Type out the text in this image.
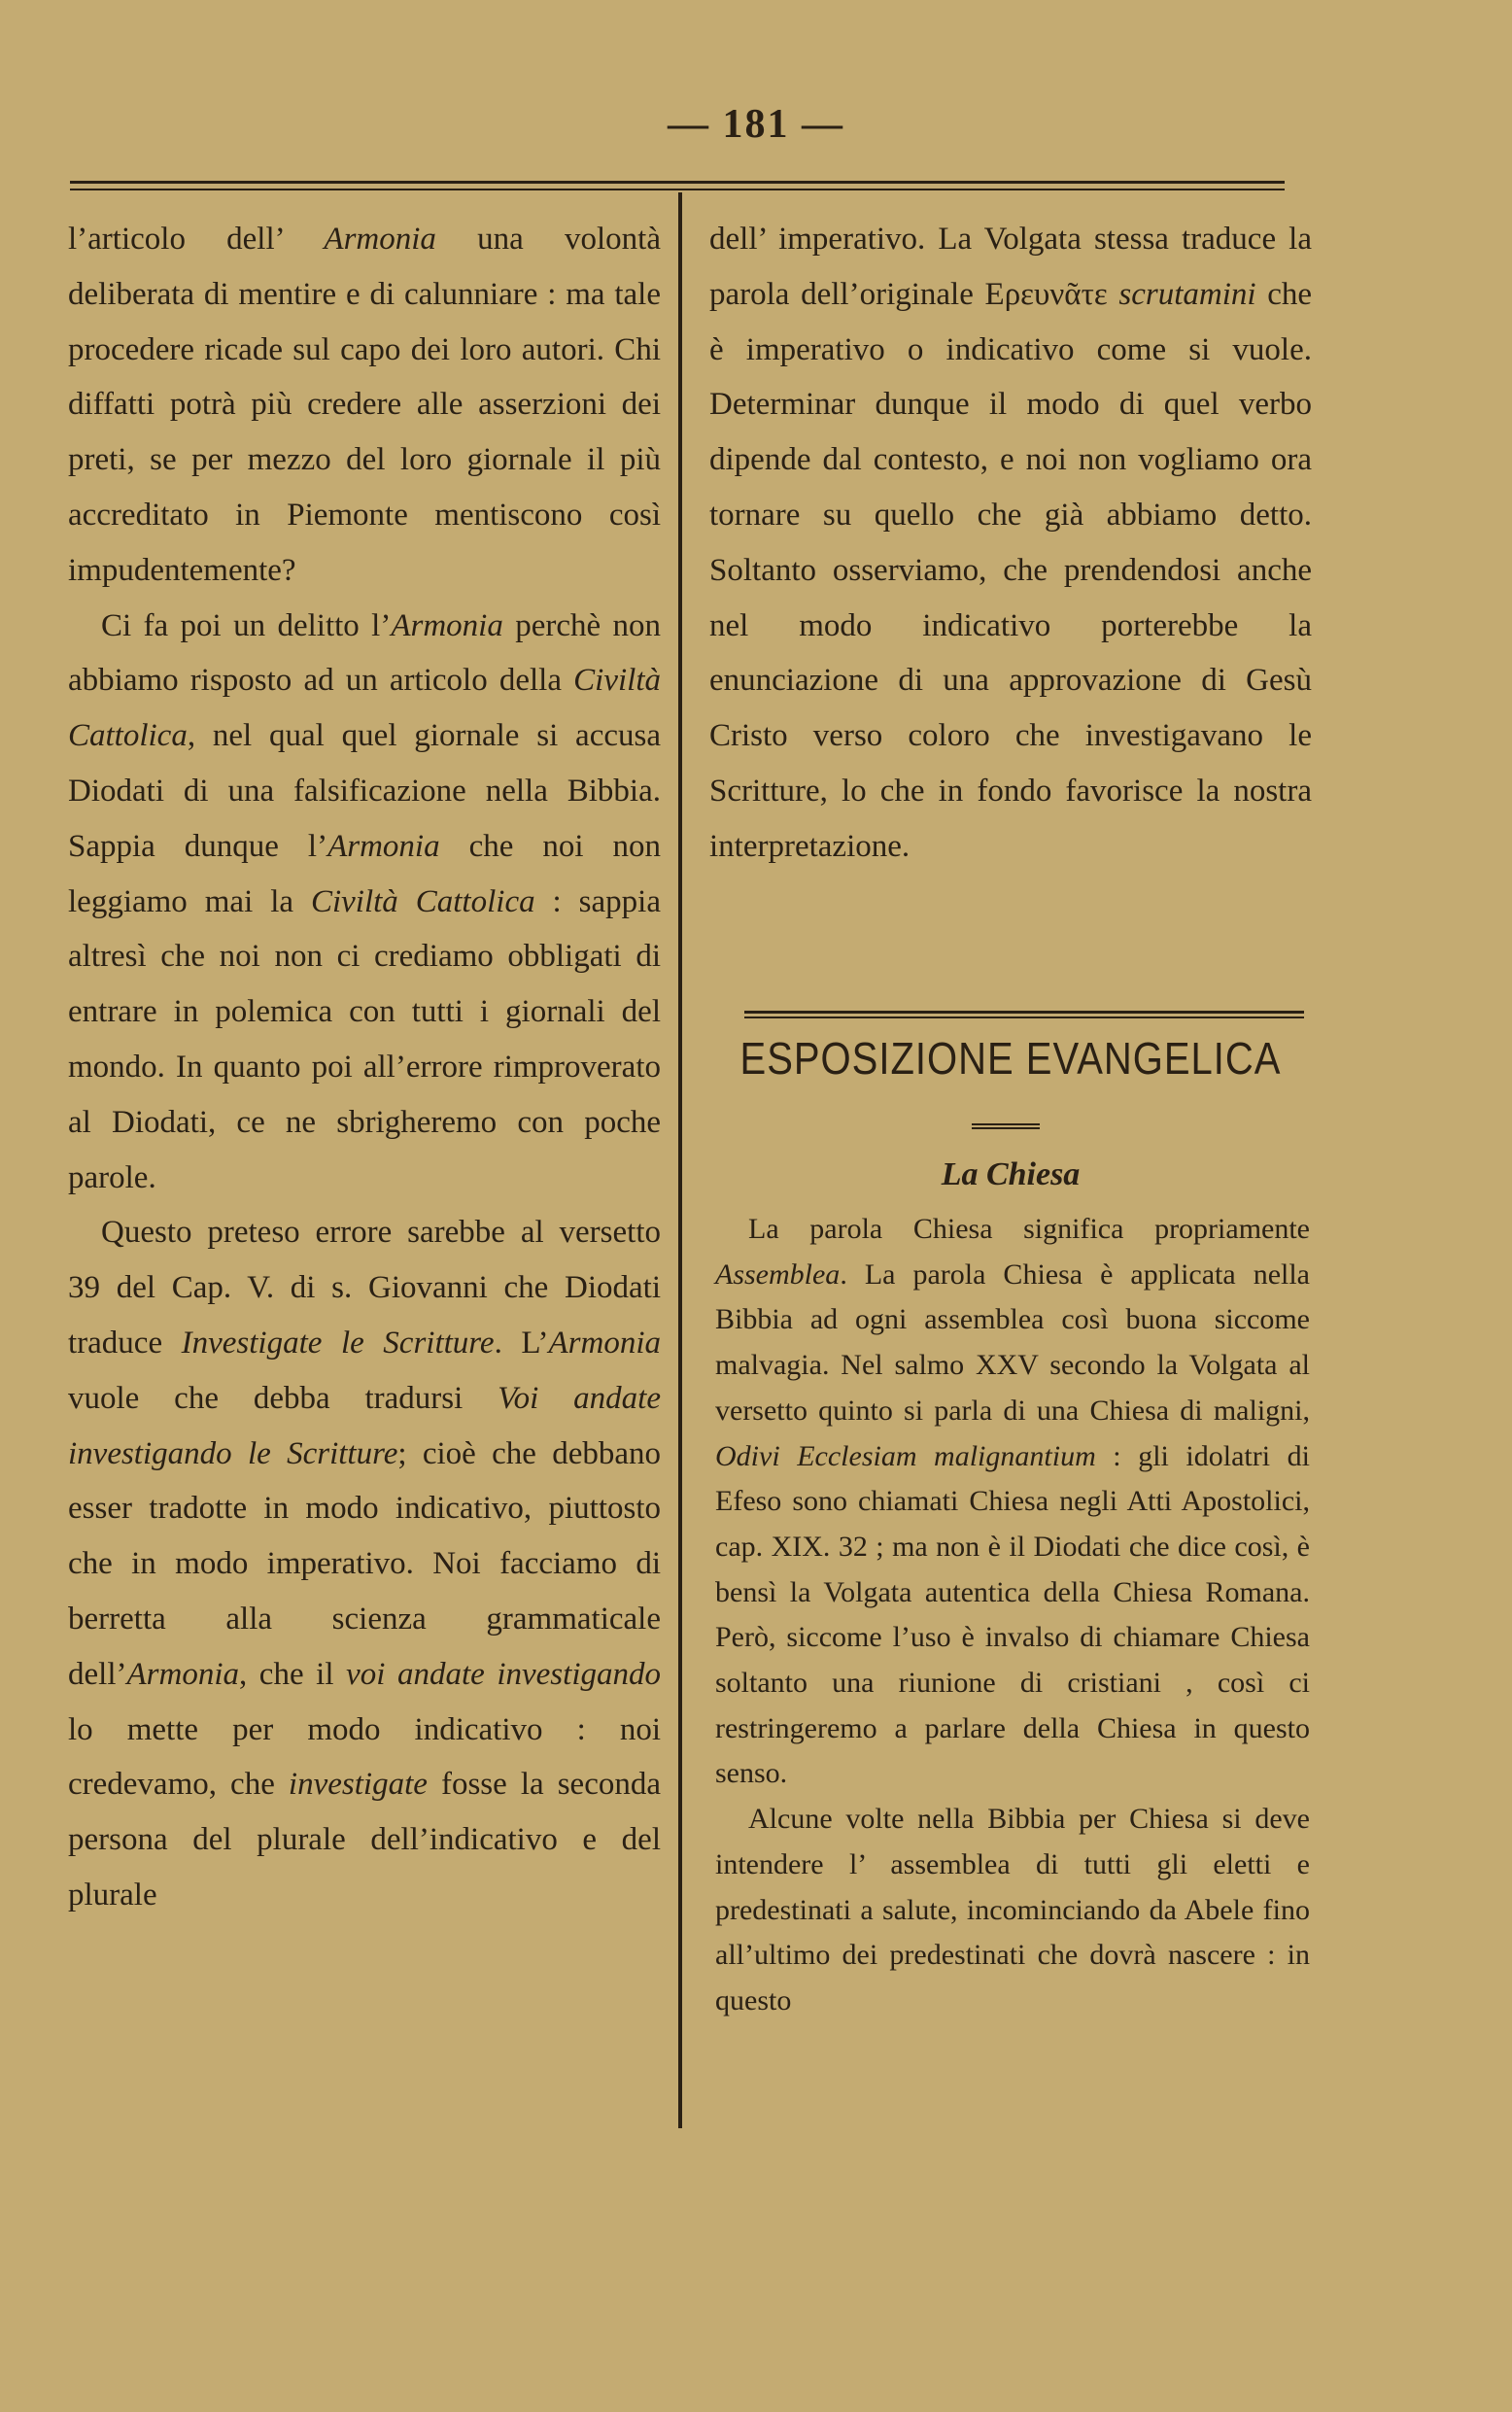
— 181 —

l’articolo dell’ Armonia una volontà deliberata di mentire e di calunniare : ma tale procedere ricade sul capo dei loro autori. Chi diffatti potrà più credere alle asserzioni dei preti, se per mezzo del loro giornale il più accreditato in Piemonte mentiscono così impudentemente?

Ci fa poi un delitto l’Armonia perchè non abbiamo risposto ad un articolo della Civiltà Cattolica, nel qual quel giornale si accusa Diodati di una falsificazione nella Bibbia. Sappia dunque l’Armonia che noi non leggiamo mai la Civiltà Cattolica : sappia altresì che noi non ci crediamo obbligati di entrare in polemica con tutti i giornali del mondo. In quanto poi all’errore rimproverato al Diodati, ce ne sbrigheremo con poche parole.

Questo preteso errore sarebbe al versetto 39 del Cap. V. di s. Giovanni che Diodati traduce Investigate le Scritture. L’Armonia vuole che debba tradursi Voi andate investigando le Scritture; cioè che debbano esser tradotte in modo indicativo, piuttosto che in modo imperativo. Noi facciamo di berretta alla scienza grammaticale dell’Armonia, che il voi andate investigando lo mette per modo indicativo : noi credevamo, che investigate fosse la seconda persona del plurale dell’indicativo e del plurale

dell’ imperativo. La Volgata stessa traduce la parola dell’originale Ερευνᾶτε scrutamini che è imperativo o indicativo come si vuole. Determinar dunque il modo di quel verbo dipende dal contesto, e noi non vogliamo ora tornare su quello che già abbiamo detto. Soltanto osserviamo, che prendendosi anche nel modo indicativo porterebbe la enunciazione di una approvazione di Gesù Cristo verso coloro che investigavano le Scritture, lo che in fondo favorisce la nostra interpretazione.

ESPOSIZIONE EVANGELICA
La Chiesa

La parola Chiesa significa propriamente Assemblea. La parola Chiesa è applicata nella Bibbia ad ogni assemblea così buona siccome malvagia. Nel salmo XXV secondo la Volgata al versetto quinto si parla di una Chiesa di maligni, Odivi Ecclesiam malignantium : gli idolatri di Efeso sono chiamati Chiesa negli Atti Apostolici, cap. XIX. 32 ; ma non è il Diodati che dice così, è bensì la Volgata autentica della Chiesa Romana. Però, siccome l’uso è invalso di chiamare Chiesa soltanto una riunione di cristiani , così ci restringeremo a parlare della Chiesa in questo senso.

Alcune volte nella Bibbia per Chiesa si deve intendere l’ assemblea di tutti gli eletti e predestinati a salute, incominciando da Abele fino all’ultimo dei predestinati che dovrà nascere : in questo
